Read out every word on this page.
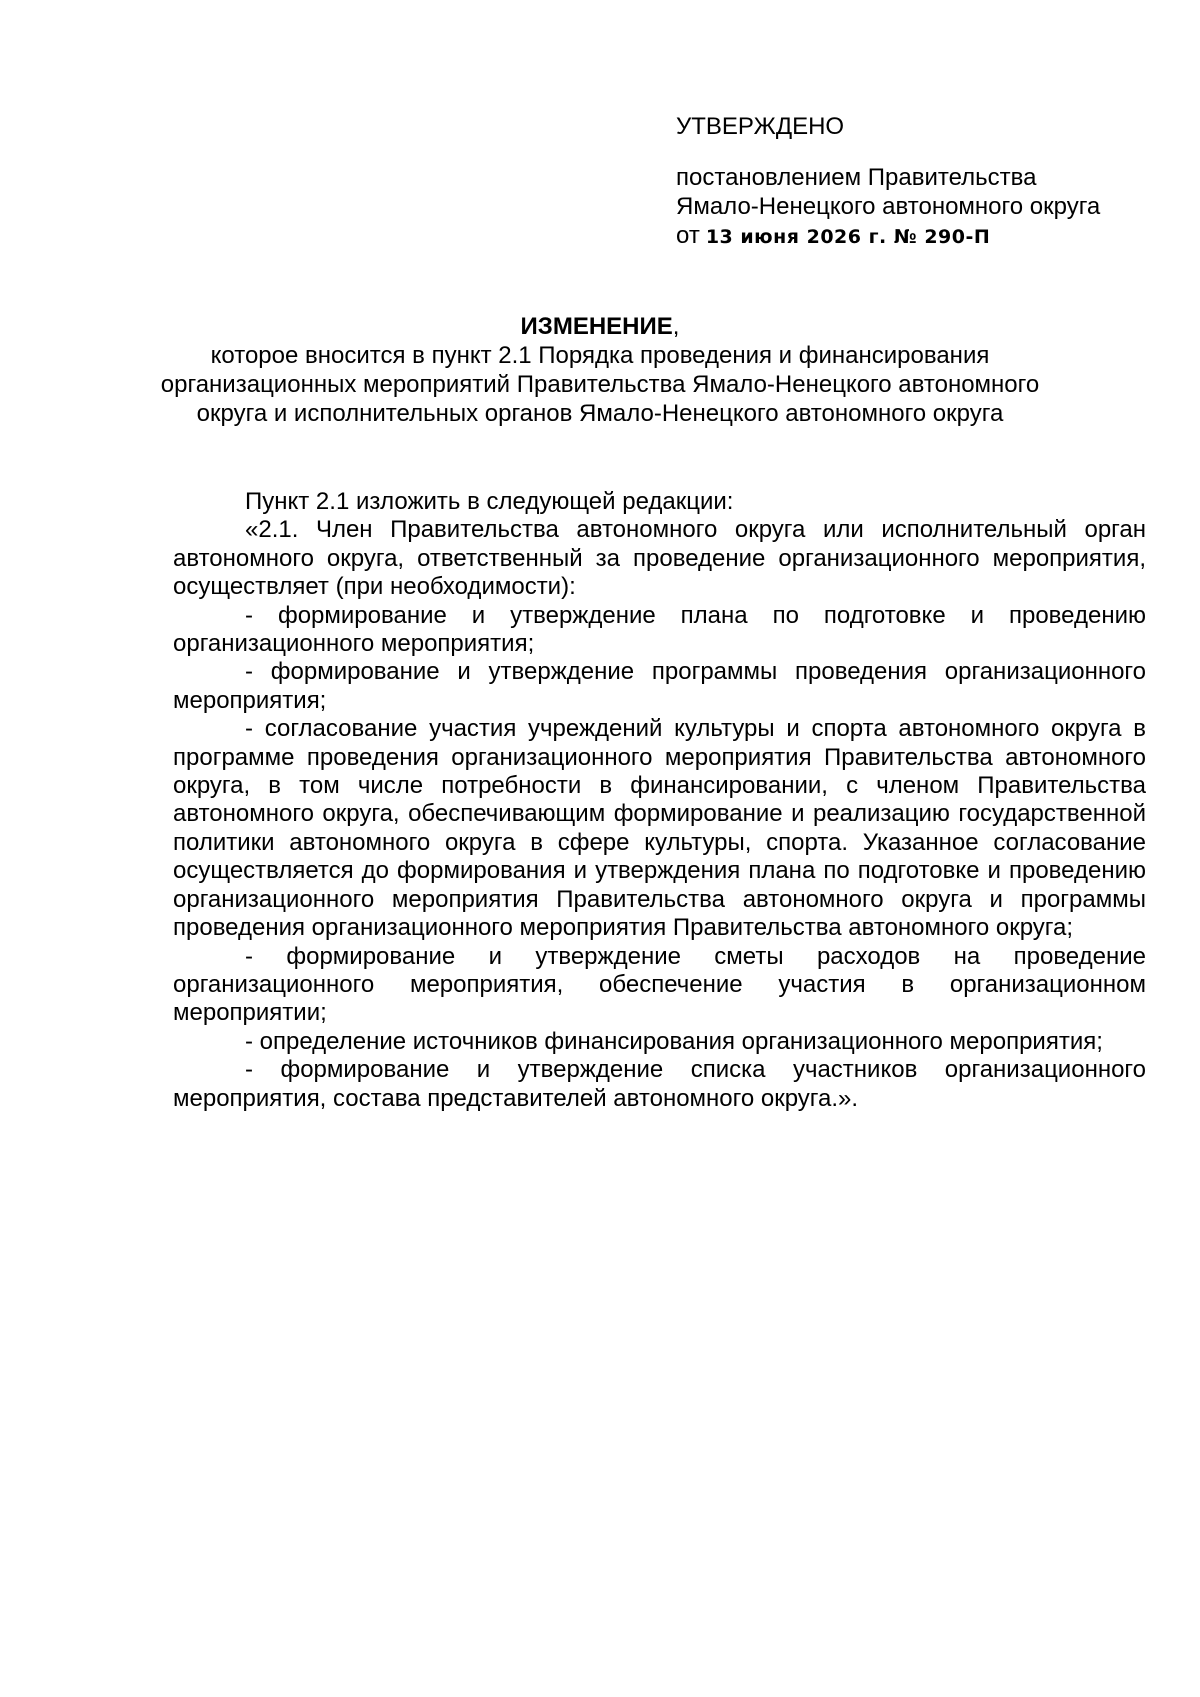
УТВЕРЖДЕНО
постановлением Правительства
Ямало-Ненецкого автономного округа
от 13 июня 2026 г. № 290-П
ИЗМЕНЕНИЕ,
которое вносится в пункт 2.1 Порядка проведения и финансирования
организационных мероприятий Правительства Ямало-Ненецкого автономного
округа и исполнительных органов Ямало-Ненецкого автономного округа

Пункт 2.1 изложить в следующей редакции:

«2.1. Член Правительства автономного округа или исполнительный орган автономного округа, ответственный за проведение организационного мероприятия, осуществляет (при необходимости):

- формирование и утверждение плана по подготовке и проведению организационного мероприятия;

- формирование и утверждение программы проведения организационного мероприятия;

- согласование участия учреждений культуры и спорта автономного округа в программе проведения организационного мероприятия Правительства автономного округа, в том числе потребности в финансировании, с членом Правительства автономного округа, обеспечивающим формирование и реализацию государственной политики автономного округа в сфере культуры, спорта. Указанное согласование осуществляется до формирования и утверждения плана по подготовке и проведению организационного мероприятия Правительства автономного округа и программы проведения организационного мероприятия Правительства автономного округа;

- формирование и утверждение сметы расходов на проведение организационного мероприятия, обеспечение участия в организационном мероприятии;

- определение источников финансирования организационного мероприятия;

- формирование и утверждение списка участников организационного мероприятия, состава представителей автономного округа.».
